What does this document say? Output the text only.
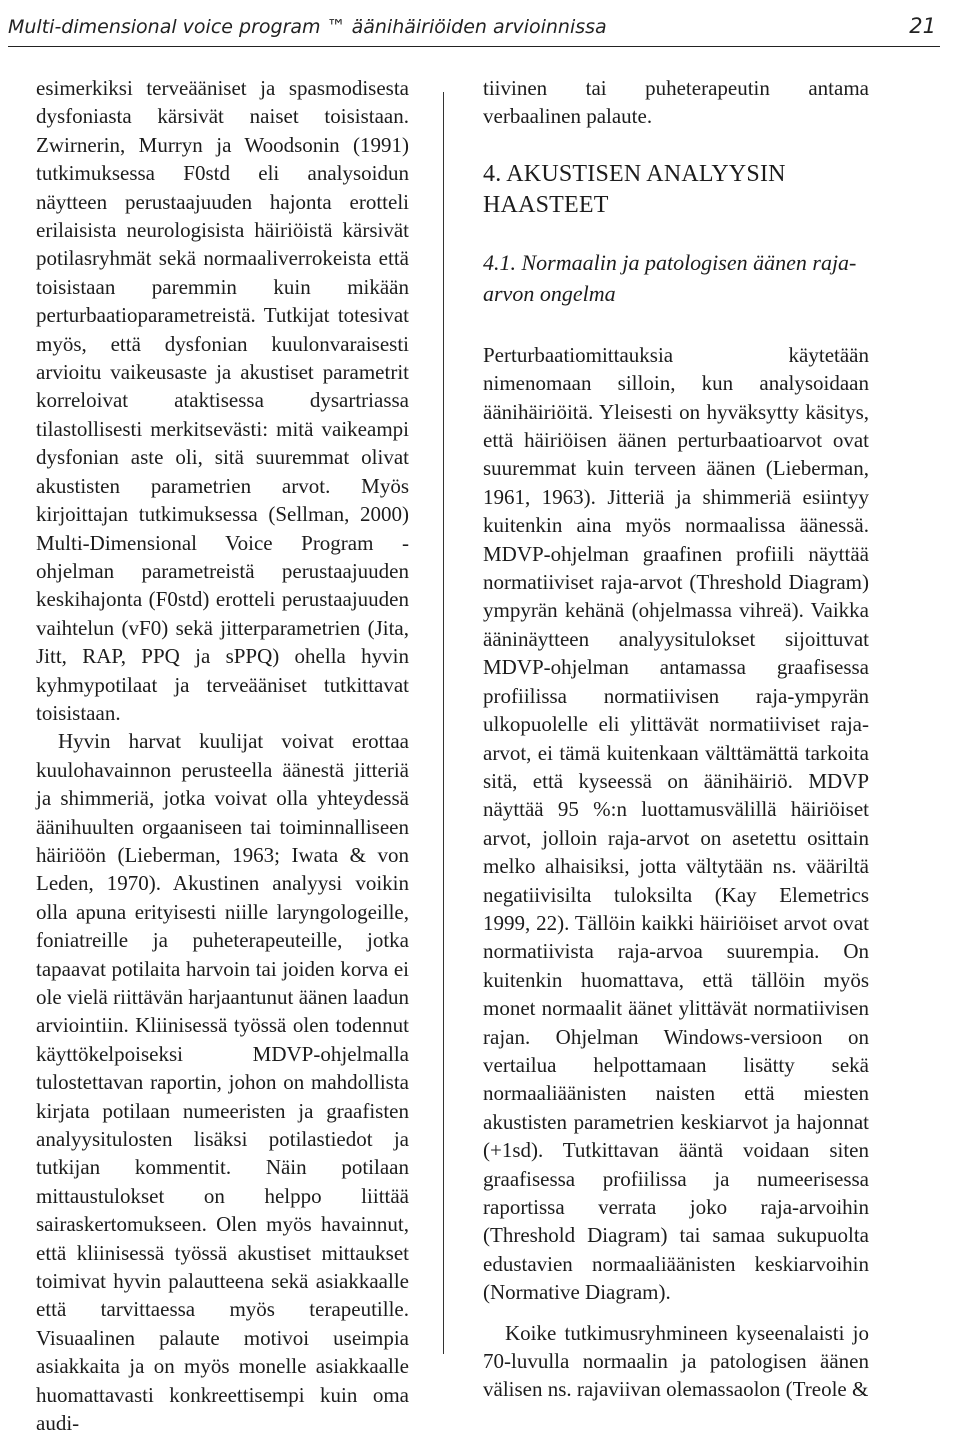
Multi-dimensional voice program ™ äänihäiriöiden arvioinnissa	21

esimerkiksi terveääniset ja spasmodisesta dysfoniasta kärsivät naiset toisistaan. Zwirnerin, Murryn ja Woodsonin (1991) tutkimuksessa F0std eli analysoidun näytteen perustaajuuden hajonta erotteli erilaisista neurologisista häiriöistä kärsivät potilasryhmät sekä normaaliverrokeista että toisistaan paremmin kuin mikään perturbaatioparametreistä. Tutkijat totesivat myös, että dysfonian kuulonvaraisesti arvioitu vaikeusaste ja akustiset parametrit korreloivat ataktisessa dysartriassa tilastollisesti merkitsevästi: mitä vaikeampi dysfonian aste oli, sitä suuremmat olivat akustisten parametrien arvot. Myös kirjoittajan tutkimuksessa (Sellman, 2000) Multi-Dimensional Voice Program -ohjelman parametreistä perustaajuuden keskihajonta (F0std) erotteli perustaajuuden vaihtelun (vF0) sekä jitterparametrien (Jita, Jitt, RAP, PPQ ja sPPQ) ohella hyvin kyhmypotilaat ja terveääniset tutkittavat toisistaan.

Hyvin harvat kuulijat voivat erottaa kuulohavainnon perusteella äänestä jitteriä ja shimmeriä, jotka voivat olla yhteydessä äänihuulten orgaaniseen tai toiminnalliseen häiriöön (Lieberman, 1963; Iwata & von Leden, 1970). Akustinen analyysi voikin olla apuna erityisesti niille laryngologeille, foniatreille ja puheterapeuteille, jotka tapaavat potilaita harvoin tai joiden korva ei ole vielä riittävän harjaantunut äänen laadun arviointiin. Kliinisessä työssä olen todennut käyttökelpoiseksi MDVP-ohjelmalla tulostettavan raportin, johon on mahdollista kirjata potilaan numeeristen ja graafisten analyysitulosten lisäksi potilastiedot ja tutkijan kommentit. Näin potilaan mittaustulokset on helppo liittää sairaskertomukseen. Olen myös havainnut, että kliinisessä työssä akustiset mittaukset toimivat hyvin palautteena sekä asiakkaalle että tarvittaessa myös terapeutille. Visuaalinen palaute motivoi useimpia asiakkaita ja on myös monelle asiakkaalle huomattavasti konkreettisempi kuin oma audi-

tiivinen tai puheterapeutin antama verbaalinen palaute.

4. AKUSTISEN ANALYYSIN HAASTEET
4.1. Normaalin ja patologisen äänen raja-arvon ongelma

Perturbaatiomittauksia käytetään nimenomaan silloin, kun analysoidaan äänihäiriöitä. Yleisesti on hyväksytty käsitys, että häiriöisen äänen perturbaatioarvot ovat suuremmat kuin terveen äänen (Lieberman, 1961, 1963). Jitteriä ja shimmeriä esiintyy kuitenkin aina myös normaalissa äänessä. MDVP-ohjelman graafinen profiili näyttää normatiiviset raja-arvot (Threshold Diagram) ympyrän kehänä (ohjelmassa vihreä). Vaikka ääninäytteen analyysitulokset sijoittuvat MDVP-ohjelman antamassa graafisessa profiilissa normatiivisen raja-ympyrän ulkopuolelle eli ylittävät normatiiviset raja-arvot, ei tämä kuitenkaan välttämättä tarkoita sitä, että kyseessä on äänihäiriö. MDVP näyttää 95 %:n luottamusvälillä häiriöiset arvot, jolloin raja-arvot on asetettu osittain melko alhaisiksi, jotta vältytään ns. vääriltä negatiivisilta tuloksilta (Kay Elemetrics 1999, 22). Tällöin kaikki häiriöiset arvot ovat normatiivista raja-arvoa suurempia. On kuitenkin huomattava, että tällöin myös monet normaalit äänet ylittävät normatiivisen rajan. Ohjelman Windows-versioon on vertailua helpottamaan lisätty sekä normaaliäänisten naisten että miesten akustisten parametrien keskiarvot ja hajonnat (+1sd). Tutkittavan ääntä voidaan siten graafisessa profiilissa ja numeerisessa raportissa verrata joko raja-arvoihin (Threshold Diagram) tai samaa sukupuolta edustavien normaaliäänisten keskiarvoihin (Normative Diagram).

Koike tutkimusryhmineen kyseenalaisti jo 70-luvulla normaalin ja patologisen äänen välisen ns. rajaviivan olemassaolon (Treole &
